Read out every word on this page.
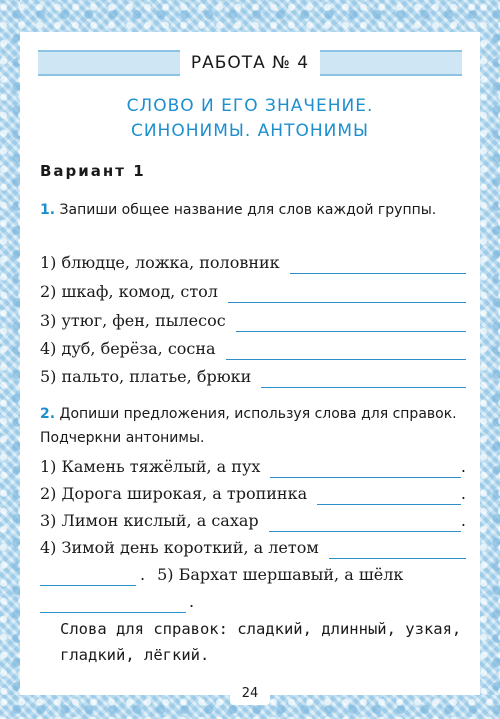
РАБОТА № 4
СЛОВО И ЕГО ЗНАЧЕНИЕ.
СИНОНИМЫ. АНТОНИМЫ
Вариант 1
1. Запиши общее название для слов каждой группы.
1) блюдце, ложка, половник
2) шкаф, комод, стол
3) утюг, фен, пылесос
4) дуб, берёза, сосна
5) пальто, платье, брюки
2. Допиши предложения, используя слова для справок. Подчеркни антонимы.
1) Камень тяжёлый, а пух	.
2) Дорога широкая, а тропинка	.
3) Лимон кислый, а сахар	.
4) Зимой день короткий, а летом
. 5) Бархат шершавый, а шёлк
.
Слова для справок: сладкий, длинный, узкая, гладкий, лёгкий.
24
